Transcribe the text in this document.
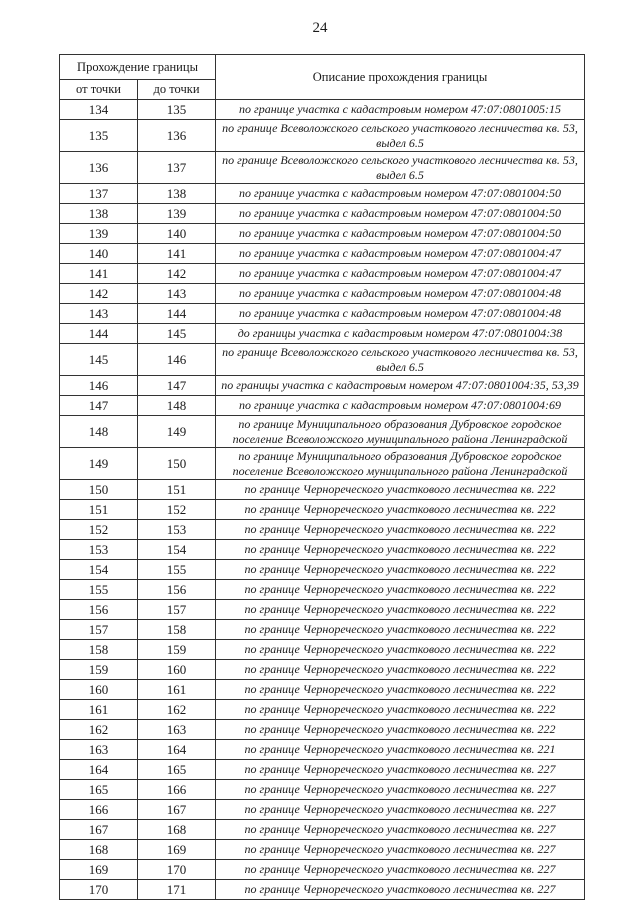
24
Прохождение границы		Описание прохождения границы
от точки	до точки	
134	135	по границе участка с кадастровым номером 47:07:0801005:15
135	136	по границе Всеволожского сельского участкового лесничества кв. 53, выдел 6.5
136	137	по границе Всеволожского сельского участкового лесничества кв. 53, выдел 6.5
137	138	по границе участка с кадастровым номером 47:07:0801004:50
138	139	по границе участка с кадастровым номером 47:07:0801004:50
139	140	по границе участка с кадастровым номером 47:07:0801004:50
140	141	по границе участка с кадастровым номером 47:07:0801004:47
141	142	по границе участка с кадастровым номером 47:07:0801004:47
142	143	по границе участка с кадастровым номером 47:07:0801004:48
143	144	по границе участка с кадастровым номером 47:07:0801004:48
144	145	до границы участка с кадастровым номером 47:07:0801004:38
145	146	по границе Всеволожского сельского участкового лесничества кв. 53, выдел 6.5
146	147	по границы участка с кадастровым номером 47:07:0801004:35, 53,39
147	148	по границе участка с кадастровым номером 47:07:0801004:69
148	149	по границе Муниципального образования Дубровское городское поселение Всеволожского муниципального района Ленинградской
149	150	по границе Муниципального образования Дубровское городское поселение Всеволожского муниципального района Ленинградской
150	151	по границе Черноречеcкого участкового лесничества кв. 222
151	152	по границе Черноречеcкого участкового лесничества кв. 222
152	153	по границе Черноречеcкого участкового лесничества кв. 222
153	154	по границе Черноречеcкого участкового лесничества кв. 222
154	155	по границе Черноречеcкого участкового лесничества кв. 222
155	156	по границе Черноречеcкого участкового лесничества кв. 222
156	157	по границе Черноречеcкого участкового лесничества кв. 222
157	158	по границе Черноречеcкого участкового лесничества кв. 222
158	159	по границе Черноречеcкого участкового лесничества кв. 222
159	160	по границе Черноречеcкого участкового лесничества кв. 222
160	161	по границе Черноречеcкого участкового лесничества кв. 222
161	162	по границе Черноречеcкого участкового лесничества кв. 222
162	163	по границе Черноречеcкого участкового лесничества кв. 222
163	164	по границе Черноречеcкого участкового лесничества кв. 221
164	165	по границе Черноречеcкого участкового лесничества кв. 227
165	166	по границе Черноречеcкого участкового лесничества кв. 227
166	167	по границе Черноречеcкого участкового лесничества кв. 227
167	168	по границе Черноречеcкого участкового лесничества кв. 227
168	169	по границе Черноречеcкого участкового лесничества кв. 227
169	170	по границе Черноречеcкого участкового лесничества кв. 227
170	171	по границе Черноречеcкого участкового лесничества кв. 227
